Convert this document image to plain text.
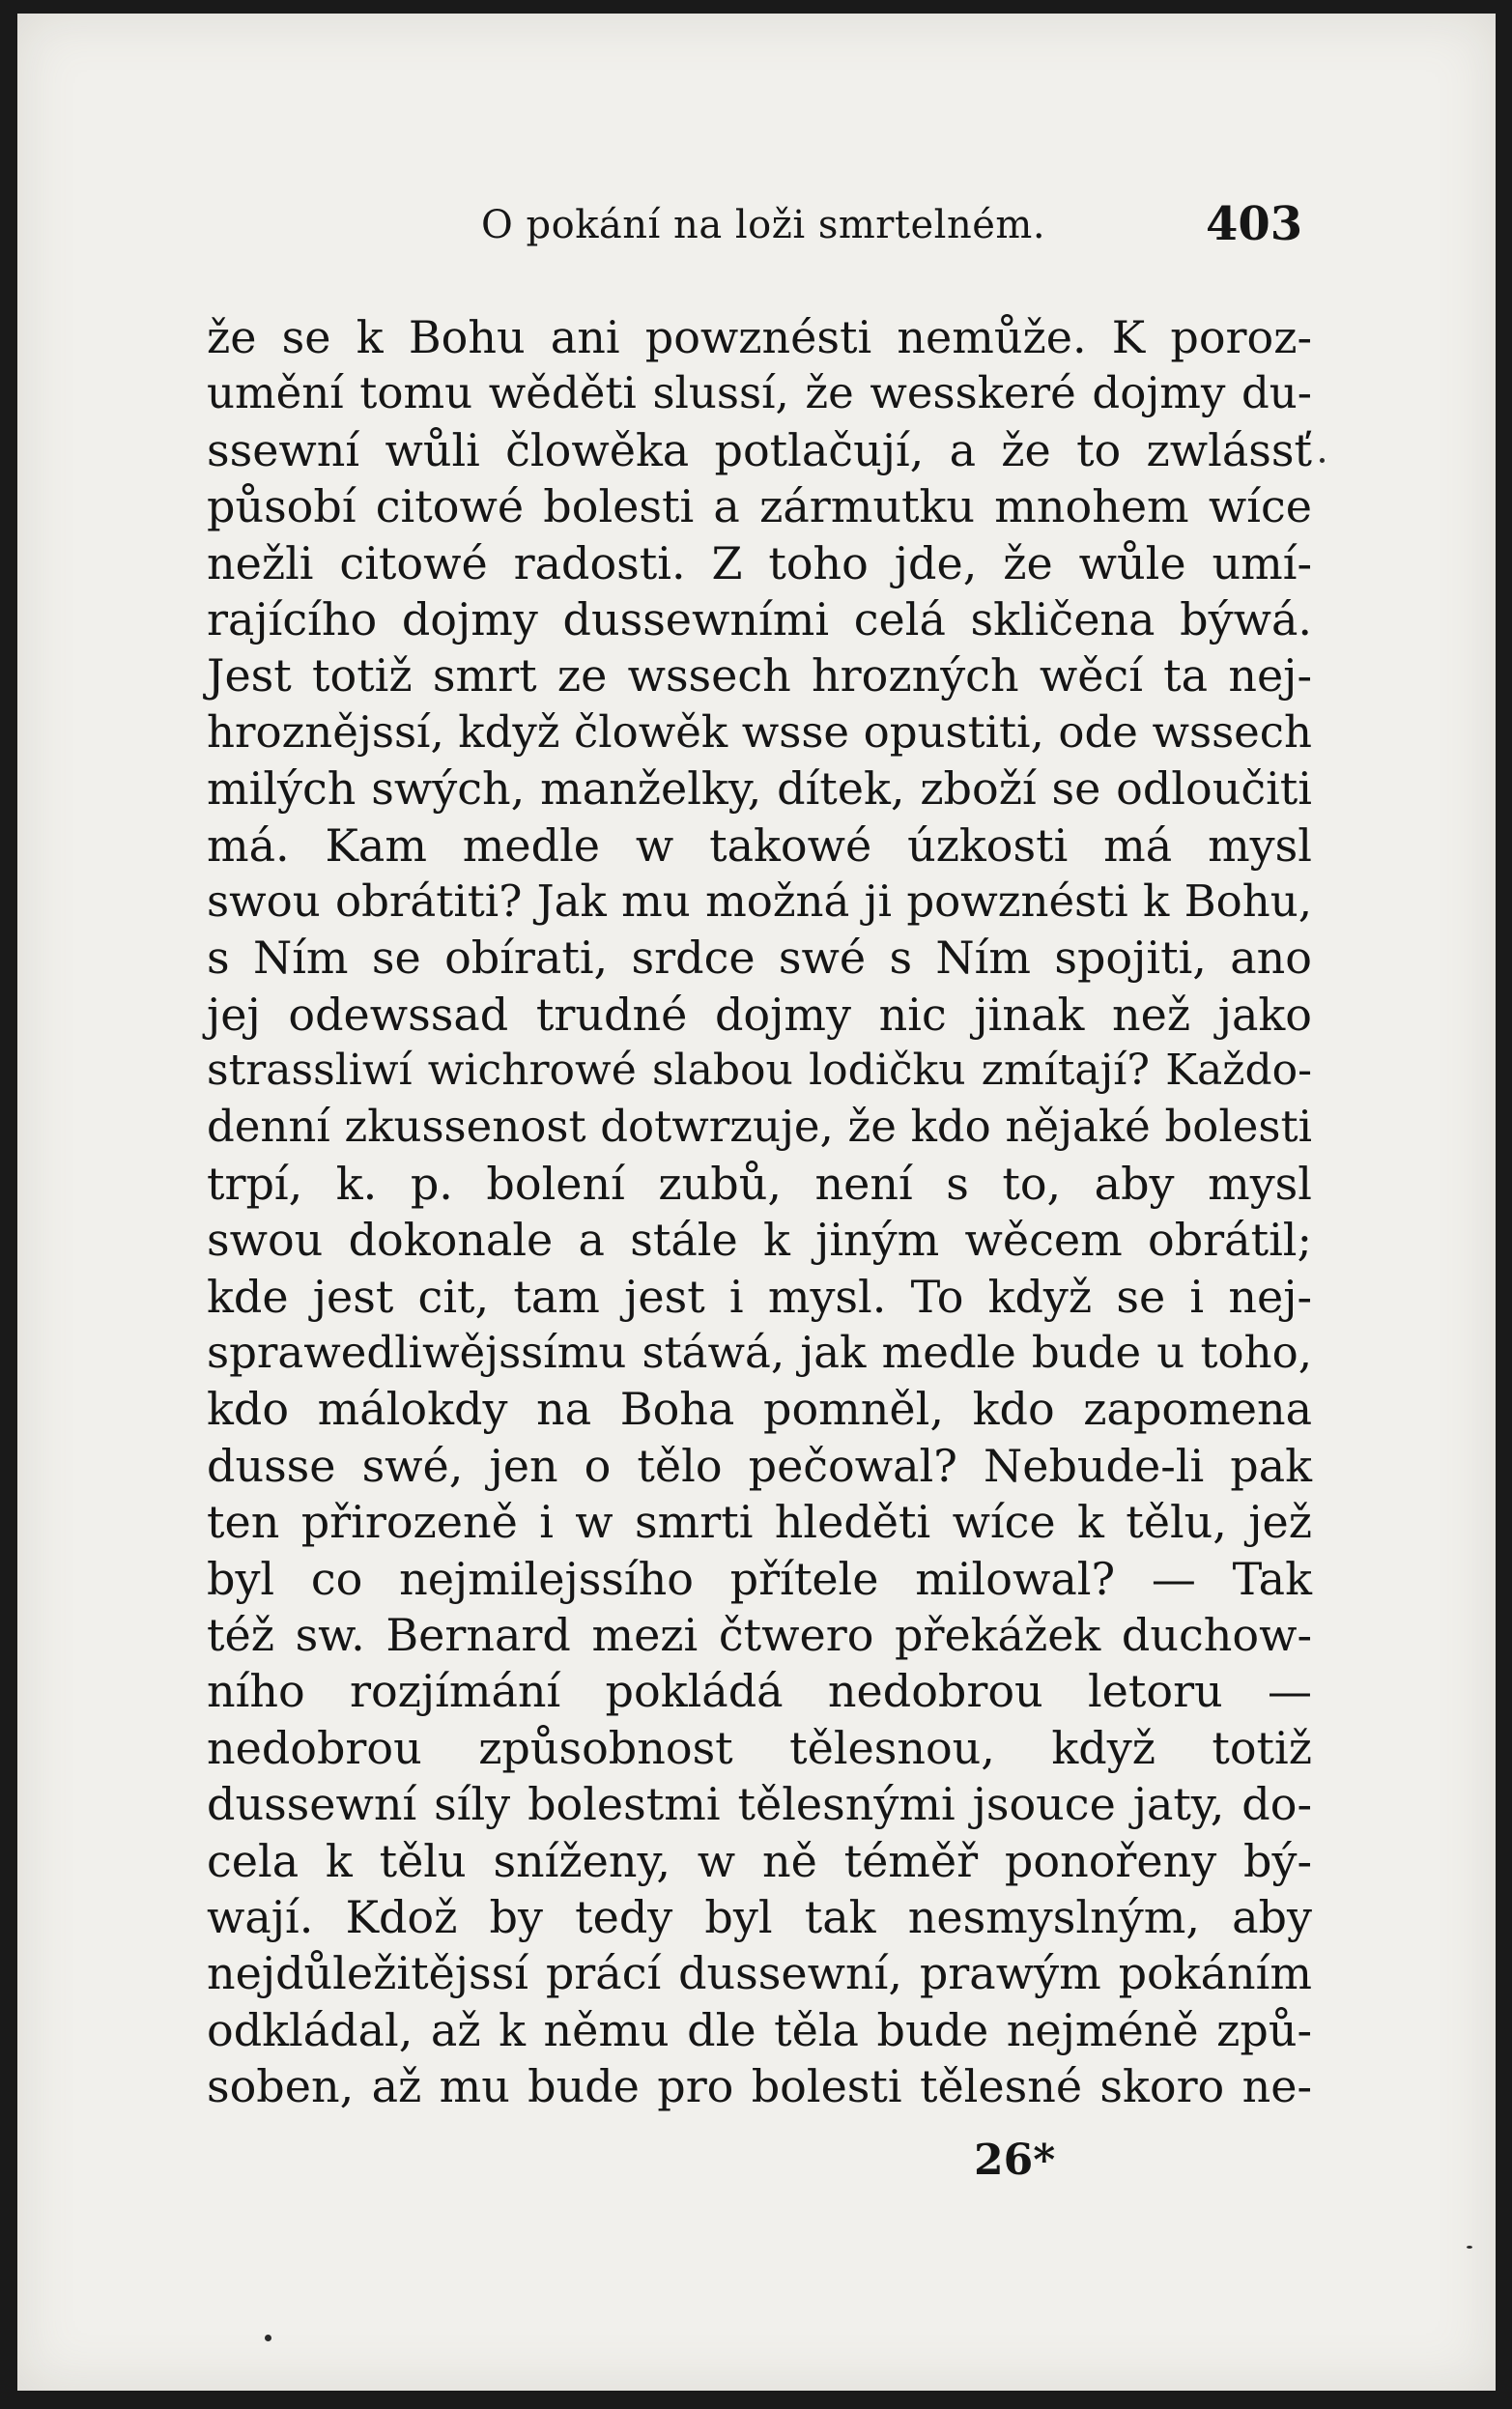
O pokání na loži smrtelném.	403
že se k Bohu ani powznésti nemůže. K poroz-
umění tomu wěděti slussí, že wesskeré dojmy du-
ssewní wůli člowěka potlačují, a že to zwlássť
působí citowé bolesti a zármutku mnohem wíce
nežli citowé radosti. Z toho jde, že wůle umí-
rajícího dojmy dussewními celá skličena býwá.
Jest totiž smrt ze wssech hrozných wěcí ta nej-
hroznějssí, když člowěk wsse opustiti, ode wssech
milých swých, manželky, dítek, zboží se odloučiti
má. Kam medle w takowé úzkosti má mysl
swou obrátiti? Jak mu možná ji powznésti k Bohu,
s Ním se obírati, srdce swé s Ním spojiti, ano
jej odewssad trudné dojmy nic jinak než jako
strassliwí wichrowé slabou lodičku zmítají? Každo-
denní zkussenost dotwrzuje, že kdo nějaké bolesti
trpí, k. p. bolení zubů, není s to, aby mysl
swou dokonale a stále k jiným wěcem obrátil;
kde jest cit, tam jest i mysl. To když se i nej-
sprawedliwějssímu stáwá, jak medle bude u toho,
kdo málokdy na Boha pomněl, kdo zapomena
dusse swé, jen o tělo pečowal? Nebude-li pak
ten přirozeně i w smrti hleděti wíce k tělu, jež
byl co nejmilejssího přítele milowal? — Tak
též sw. Bernard mezi čtwero překážek duchow-
ního rozjímání pokládá nedobrou letoru —
nedobrou způsobnost tělesnou, když totiž
dussewní síly bolestmi tělesnými jsouce jaty, do-
cela k tělu sníženy, w ně téměř ponořeny bý-
wají. Kdož by tedy byl tak nesmyslným, aby
nejdůležitějssí prácí dussewní, prawým pokáním
odkládal, až k němu dle těla bude nejméně způ-
soben, až mu bude pro bolesti tělesné skoro ne-
26*
